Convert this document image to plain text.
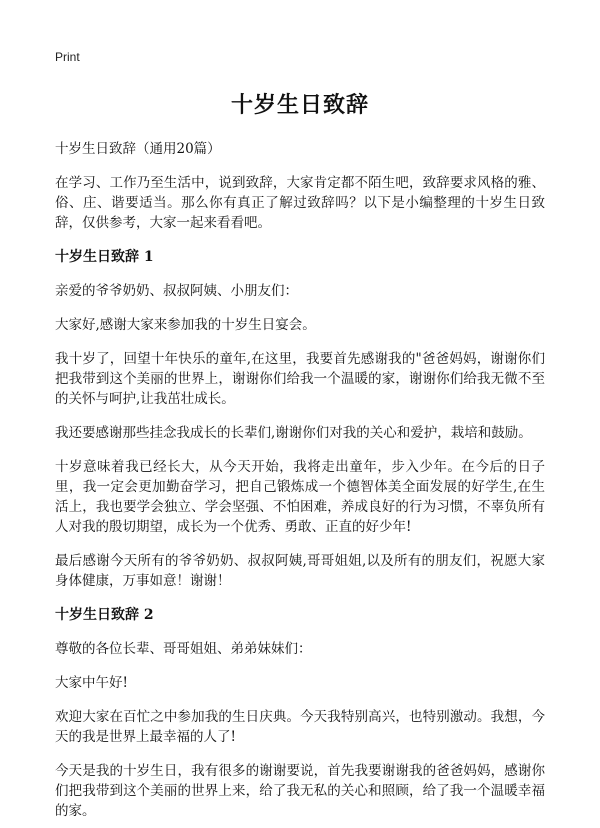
Print
十岁生日致辞
十岁生日致辞（通用20篇）

在学习、工作乃至生活中，说到致辞，大家肯定都不陌生吧，致辞要求风格的雅、俗、庄、谐要适当。那么你有真正了解过致辞吗？以下是小编整理的十岁生日致辞，仅供参考，大家一起来看看吧。

十岁生日致辞 1

亲爱的爷爷奶奶、叔叔阿姨、小朋友们：

大家好,感谢大家来参加我的十岁生日宴会。

我十岁了，回望十年快乐的童年,在这里，我要首先感谢我的"爸爸妈妈，谢谢你们把我带到这个美丽的世界上，谢谢你们给我一个温暖的家，谢谢你们给我无微不至的关怀与呵护,让我茁壮成长。

我还要感谢那些挂念我成长的长辈们,谢谢你们对我的关心和爱护，栽培和鼓励。

十岁意味着我已经长大，从今天开始，我将走出童年，步入少年。在今后的日子里，我一定会更加勤奋学习，把自己锻炼成一个德智体美全面发展的好学生,在生活上，我也要学会独立、学会坚强、不怕困难，养成良好的行为习惯，不辜负所有人对我的殷切期望，成长为一个优秀、勇敢、正直的好少年!

最后感谢今天所有的爷爷奶奶、叔叔阿姨,哥哥姐姐,以及所有的朋友们，祝愿大家身体健康，万事如意！谢谢！

十岁生日致辞 2

尊敬的各位长辈、哥哥姐姐、弟弟妹妹们：

大家中午好!

欢迎大家在百忙之中参加我的生日庆典。今天我特别高兴，也特别激动。我想，今天的我是世界上最幸福的人了!

今天是我的十岁生日，我有很多的谢谢要说，首先我要谢谢我的爸爸妈妈，感谢你们把我带到这个美丽的世界上来，给了我无私的关心和照顾，给了我一个温暖幸福的家。
